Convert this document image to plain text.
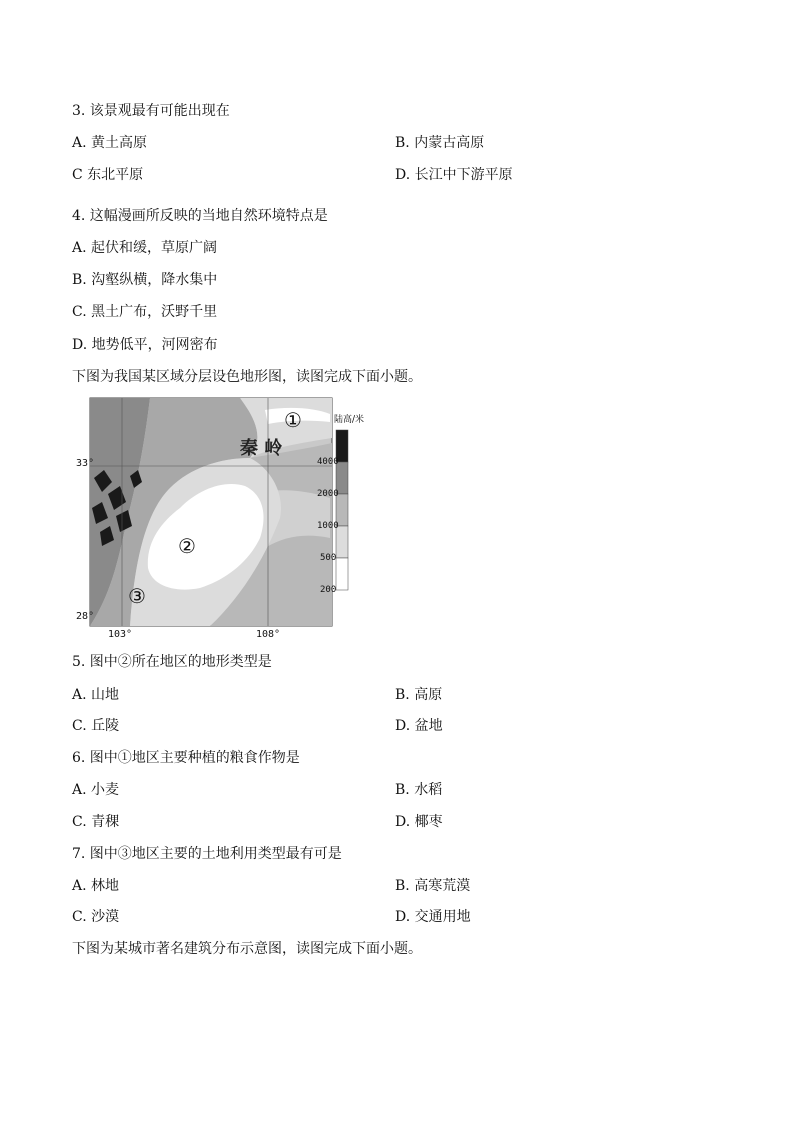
3. 该景观最有可能出现在
A. 黄土高原	B. 内蒙古高原
C 东北平原	D. 长江中下游平原
4. 这幅漫画所反映的当地自然环境特点是
A. 起伏和缓，草原广阔
B. 沟壑纵横，降水集中
C. 黑土广布，沃野千里
D. 地势低平，河网密布
下图为我国某区域分层设色地形图，读图完成下面小题。
陆高/米
4000
2000
1000
500
200
秦 岭
①
②
③
33°
28°
103°	108°
5. 图中②所在地区的地形类型是
A. 山地	B. 高原
C. 丘陵	D. 盆地
6. 图中①地区主要种植的粮食作物是
A. 小麦	B. 水稻
C. 青稞	D. 椰枣
7. 图中③地区主要的土地利用类型最有可是
A. 林地	B. 高寒荒漠
C. 沙漠	D. 交通用地
下图为某城市著名建筑分布示意图，读图完成下面小题。
